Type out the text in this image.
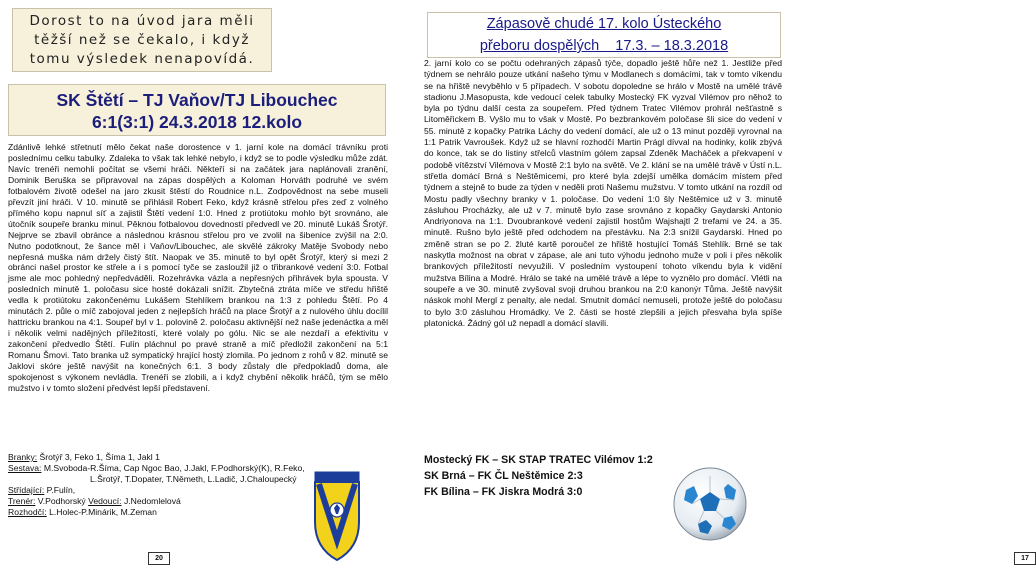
Dorost to na úvod jara měli těžší než se čekalo, i když tomu výsledek nenapovídá.
SK Štětí – TJ Vaňov/TJ Libouchec
6:1(3:1) 24.3.2018 12.kolo
Zdánlivě lehké střetnutí mělo čekat naše dorostence v 1. jarní kole na domácí trávníku proti poslednímu celku tabulky. Zdaleka to však tak lehké nebylo, i když se to podle výsledku může zdát. Navíc trenéři nemohli počítat se všemi hráči. Někteří si na začátek jara naplánovali zranění, Dominik Beruška se připravoval na zápas dospělých a Koloman Horváth podruhé ve svém fotbalovém životě odešel na jaro zkusit štěstí do Roudnice n.L. Zodpovědnost na sebe museli převzít jiní hráči. V 10. minutě se přihlásil Robert Feko, když krásně střelou přes zeď z volného přímého kopu napnul síť a zajistil Štětí vedení 1:0. Hned z protiútoku mohlo být srovnáno, ale útočník soupeře branku minul. Pěknou fotbalovou dovedností předvedl ve 20. minutě Lukáš Šrotýř. Nejprve se zbavil obránce a následnou krásnou střelou pro ve zvolil na šibenice zvýšil na 2:0. Nutno podotknout, že šance měl i Vaňov/Libouchec, ale skvělé zákroky Matěje Svobody nebo nepřesná muška nám držely čistý štít. Naopak ve 35. minutě to byl opět Šrotýř, který si mezi 2 obránci našel prostor ke střele a i s pomocí tyče se zasloužil již o třibrankové vedení 3:0. Fotbal jsme ale moc pohledný nepředváděli. Rozehrávka vázla a nepřesných přihrávek byla spousta. V posledních minutě 1. poločasu sice hosté dokázali snížit. Zbytečná ztráta míče ve středu hřiště vedla k protiútoku zakončenému Lukášem Stehlíkem brankou na 1:3 z pohledu Štětí. Po 4 minutách 2. půle o míč zabojoval jeden z nejlepších hráčů na place Šrotýř a z nulového úhlu docílil hattricku brankou na 4:1. Soupeř byl v 1. polovině 2. poločasu aktivnější než naše jedenáctka a měl i několik velmi nadějných příležitostí, které volaly po gólu. Nic se ale nezdaří a efektivitu v zakončení předvedlo Štětí. Fulín pláchnul po pravé straně a míč předložil zakončení na 5:1 Romanu Šmovi. Tato branka už sympatický hrající hostý zlomila. Po jednom z rohů v 82. minutě se Jaklovi skóre ještě navýšit na konečných 6:1. 3 body zůstaly dle předpokladů doma, ale spokojenost s výkonem nevládla. Trenéři se zlobili, a i když chybění několik hráčů, tým se mělo mužstvo i v tomto složení předvést lepší představení.
Branky: Šrotýř 3, Feko 1, Šíma 1, Jakl 1
Sestava: M.Svoboda-R.Šíma, Cap Ngoc Bao, J.Jakl, F.Podhorský(K), R.Feko,
L.Šrotýř, T.Dopater, T.Němeth, L.Ladič, J.Chaloupecký
Střídající: P.Fulín,
Trenér: V.Podhorský Vedoucí: J.Nedomlelová
Rozhodčí: L.Holec-P.Minárik, M.Zeman
20
Zápasově chudé 17. kolo Ústeckého
přeboru dospělých    17.3. – 18.3.2018
2. jarní kolo co se počtu odehraných zápasů týče, dopadlo ještě hůře než 1. Jestliže před týdnem se nehrálo pouze utkání našeho týmu v Modlanech s domácími, tak v tomto víkendu se na hřiště nevyběhlo v 5 případech. V sobotu dopoledne se hrálo v Mostě na umělé trávě stadionu J.Masopusta, kde vedoucí celek tabulky Mostecký FK vyzval Vilémov pro něhož to byla po týdnu další cesta za soupeřem. Před týdnem Tratec Vilémov prohrál nešťastně s Litoměřickem B. Vyšlo mu to však v Mostě. Po bezbrankovém poločase šli sice do vedení v 55. minutě z kopačky Patrika Láchy do vedení domácí, ale už o 13 minut později vyrovnal na 1:1 Patrik Vavroušek. Když už se hlavní rozhodčí Martin Prágl dívval na hodinky, kolik zbývá do konce, tak se do listiny střelců vlastním gólem zapsal Zdeněk Macháček a překvapení v podobě vítězství Vilémova v Mostě 2:1 bylo na světě. Ve 2. klání se na umělé trávě v Ústí n.L. střetla domácí Brná s Neštěmicemi, pro které byla zdejší umělka domácím místem před týdnem a stejně to bude za týden v neděli proti Našemu mužstvu. V tomto utkání na rozdíl od Mostu padly všechny branky v 1. poločase. Do vedení 1:0 šly Neštěmice už v 3. minutě zásluhou Procházky, ale už v 7. minutě bylo zase srovnáno z kopačky Gaydarski Antonio Andriyonova na 1:1. Dvoubrankové vedení zajistil hostům Wajshajtl 2 trefami ve 24. a 35. minutě. Rušno bylo ještě před odchodem na přestávku. Na 2:3 snížil Gaydarski. Hned po změně stran se po 2. žluté kartě poroučel ze hřiště hostující Tomáš Stehlík. Brné se tak naskytla možnost na obrat v zápase, ale ani tuto výhodu jednoho muže v poli i přes několik brankových příležitostí nevyužili. V posledním vystoupení tohoto víkendu byla k vidění mužstva Bílina a Modré. Hrálo se také na umělé trávě a lépe to vyznělo pro domácí. Vlétli na soupeře a ve 30. minutě zvyšoval svoji druhou brankou na 2:0 kanonýr Tůma. Ještě navýšit náskok mohl Mergl z penalty, ale nedal. Smutnit domácí nemuseli, protože ještě do poločasu to bylo 3:0 zásluhou Hromádky. Ve 2. části se hosté zlepšili a jejich přesvaha byla spíše platonická. Žádný gól už nepadl a domácí slavili.
Mostecký FK – SK STAP TRATEC Vilémov 1:2
SK Brná – FK ČL Neštěmice 2:3
FK Bílina – FK Jiskra Modrá 3:0
17
